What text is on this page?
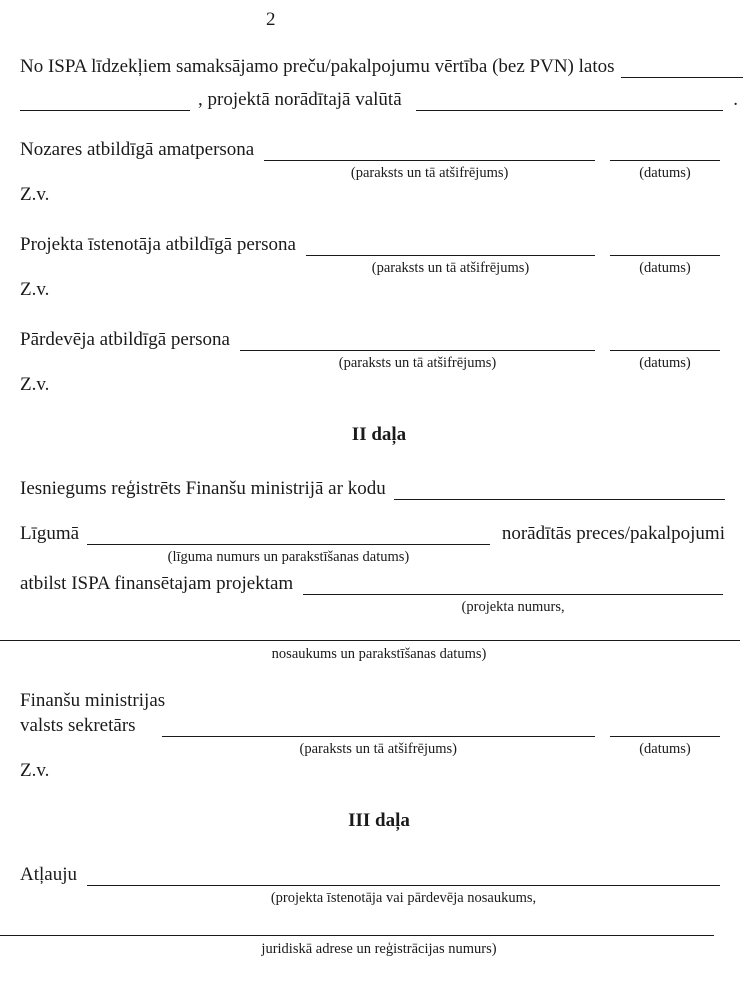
2
No ISPA līdzekļiem samaksājamo preču/pakalpojumu vērtība (bez PVN) latos
, projektā norādītajā valūtā	.
Nozares atbildīgā amatpersona
(paraksts un tā atšifrējums)	(datums)
Z.v.
Projekta īstenotāja atbildīgā persona
(paraksts un tā atšifrējums)	(datums)
Z.v.
Pārdevēja atbildīgā persona
(paraksts un tā atšifrējums)	(datums)
Z.v.
II daļa
Iesniegums reģistrēts Finanšu ministrijā ar kodu
Līgumā
(līguma numurs un parakstīšanas datums)
norādītās preces/pakalpojumi
atbilst ISPA finansētajam projektam
(projekta numurs,
nosaukums un parakstīšanas datums)
Finanšu ministrijas
valsts sekretārs
(paraksts un tā atšifrējums)	(datums)
Z.v.
III daļa
Atļauju
(projekta īstenotāja vai pārdevēja nosaukums,
juridiskā adrese un reģistrācijas numurs)
